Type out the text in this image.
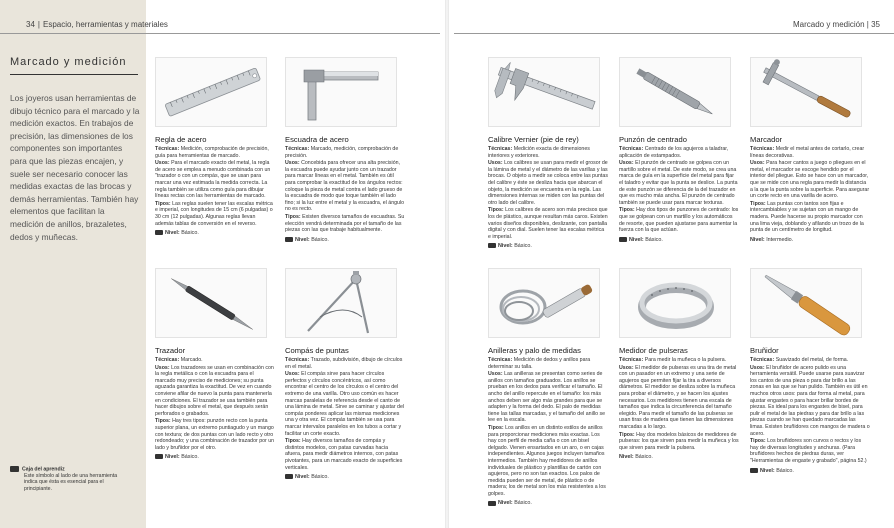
34 | Espacio, herramientas y materiales	Marcado y medición | 35
Marcado y medición
Los joyeros usan herramientas de dibujo técnico para el marcado y la medición exactos. En trabajos de precisión, las dimensiones de los componentes son importantes para que las piezas encajen, y suele ser necesario conocer las medidas exactas de las brocas y demás herramientas. También hay elementos que facilitan la medición de anillos, brazaletes, dedos y muñecas.
Caja del aprendiz
Este símbolo al lado de una herramienta indica que ésta es esencial para el principiante.
Regla de acero

Técnicas: Medición, comprobación de precisión, guía para herramientas de marcado.

Usos: Para el marcado exacto del metal, la regla de acero se emplea a menudo combinada con un "trazador o con un compás, que se usan para marcar una vez estimada la medida correcta. La regla también se utiliza como guía para dibujar líneas rectas con las herramientas de marcado.

Tipos: Las reglas suelen tener las escalas métrica e imperial, con longitudes de 15 cm (6 pulgadas) o 30 cm (12 pulgadas). Algunas reglas llevan además tablas de conversión en el reverso.

Nivel: Básico.
Escuadra de acero

Técnicas: Marcado, medición, comprobación de precisión.

Usos: Concebida para ofrecer una alta precisión, la escuadra puede ayudar junto con un trazador para marcar líneas en el metal. También es útil para comprobar la exactitud de los ángulos rectos: coloque la pieza de metal contra el lado grueso de la escuadra de modo que toque también el lado fino; si la luz entre el metal y la escuadra, el ángulo no es recto.

Tipos: Existen diversos tamaños de escuadras. Su elección vendrá determinada por el tamaño de las piezas con las que trabaje habitualmente.

Nivel: Básico.
Calibre Vernier (pie de rey)

Técnicas: Medición exacta de dimensiones interiores y exteriores.

Usos: Los calibres se usan para medir el grosor de la lámina de metal y el diámetro de las varillas y las brocas. O objeto a medir se coloca entre las puntas del calibre y éste se desliza hacia que abarcan el objeto, la medición se encuentra en la regla. Las dimensiones internas se miden con las puntas del otro lado del calibre.

Tipos: Los calibres de acero son más precisos que los de plástico, aunque resultan más caros. Existen varios diseños disponibles, deslizante, con pantalla digital y con dial. Suelen tener las escalas métrica e imperial.

Nivel: Básico.
Punzón de centrado

Técnicas: Centrado de los agujeros a taladrar, aplicación de estampados.

Usos: El punzón de centrado se golpea con un martillo sobre el metal. De este modo, se crea una marca de guía en la superficie del metal para fijar el taladro y evitar que la punta se deslice. La punta de este punzón se diferencia de la del trazador en que es mucho más ancha. El punzón de centrado también se puede usar para marcar texturas.

Tipos: Hay dos tipos de punzones de centrado: los que se golpean con un martillo y los automáticos de resorte, que pueden ajustarse para aumentar la fuerza con la que actúan.

Nivel: Básico.
Marcador

Técnicas: Medir el metal antes de cortarlo, crear líneas decorativas.

Usos: Para hacer cantos a juego o pliegues en el metal, el marcador se escoge hendido por el interior del pliegue. Esto se hace con un marcador, que se mide con una regla para medir la distancia a la que la punta sobre la superficie. Para asegurar un corte recto en una varilla de acero.

Tipos: Las puntas con tantos son fijas e intercambiables y se sujetan con un mango de madera. Puede hacerse su propio marcador con una lima vieja, doblando y afilando un trozo de la punta de un centímetro de longitud.

Nivel: Intermedio.
Trazador

Técnicas: Marcado.

Usos: Los trazadores se usan en combinación con la regla metálica o con la escuadra para el marcado muy preciso de mediciones; su punta aguzada garantiza la exactitud. De vez en cuando conviene afilar de nuevo la punta para mantenerla en condiciones. El trazador se usa también para hacer dibujos sobre el metal, que después serán perforados o grabados.

Tipos: Hay tres tipos: punzón recto con la punta superior plana, un extremo puntiagudo y un mango con textura; de dos puntas con un lado recto y otro redondeado; y una combinación de trazador por un lado y bruñidor por el otro.

Nivel: Básico.
Compás de puntas

Técnicas: Trazado, subdivisión, dibujo de círculos en el metal.

Usos: El compás sirve para hacer círculos perfectos y círculos concéntricos, así como encontrar el centro de los círculos o el centro del extremo de una varilla. Otro uso común es hacer marcas paralelas de referencia desde el canto de una lámina de metal. Sirve se caminar y ajustar del compás ponderes aplicar las mismas mediciones una y otra vez. El compás también se usa para marcar intervalos paralelos en los tubos a cortar y facilitar un corte exacto.

Tipos: Hay diversos tamaños de compás y distintos modelos, con patas curvadas hacia afuera, para medir diámetros internos, con patas pivotantes, para un marcado exacto de superficies verticales.

Nivel: Básico.
Anilleras y palo de medidas

Técnicas: Medición de dedos y anillos para determinar su talla.

Usos: Las anilleras se presentan como series de anillos con tamaños graduados. Los anillos se prueban en los dedos para verificar el tamaño. El ancho del anillo repercute en el tamaño: los más anchos deben ser algo más grandes para que se adapten y la forma del dedo. El palo de medidas tiene las tallas marcadas, y el tamaño del anillo se lee en la escala.

Tipos: Los anillos en un distinto estilos de anillos para proporcionar mediciones más exactas. Los hay con perfil de media caña o con un bisel delgado. Vienen ensartados en un aro, o en cajas independientes. Algunos juegos incluyen tamaños intermedios. También hay medidores de anillos individuales de plástico y plantillas de cartón con agujeros, pero no son tan exactos. Los palos de medida pueden ser de metal, de plástico o de madera; los de metal son los más resistentes a los golpes.

Nivel: Básico.
Medidor de pulseras

Técnicas: Para medir la muñeca o la pulsera.

Usos: El medidor de pulseras es una tira de metal con un pasador en un extremo y una serie de agujeros que permiten fijar la tira a diversos diámetros. El medidor se desliza sobre la muñeca para probar el diámetro, y se hacen los ajustes necesarios. Los medidores tienen una escala de tamaños que indica la circunferencia del tamaño elegido. Para medir el tamaño de las pulseras se usan tiras de madera que tienen las dimensiones marcadas a lo largo.

Tipos: Hay dos modelos básicos de medidores de pulseras: los que sirven para medir la muñeca y los que sirven para medir la pulsera.

Nivel: Básico.
Bruñidor

Técnicas: Suavizado del metal, de forma.

Usos: El bruñidor de acero pulido es una herramienta versátil. Puede usarse para suavizar los cantos de una pieza o para dar brillo a las zonas en las que se han pulido. También es útil en muchos otros usos: para dar forma al metal, para ajustar engastes o para hacer brillar bordes de piezas. Es ideal para los engastes de bisel, para pulir el metal de las piedras y para dar brillo a las piezas cuando se han quedado marcadas las limas. Existen bruñidores con mangos de madera o acero.

Tipos: Los bruñidores son curvos o rectos y los hay de diversas longitudes y anchuras. (Para bruñidores hechos de piedras duras, ver "Herramientas de engaste y grabado", página 52.)

Nivel: Básico.
